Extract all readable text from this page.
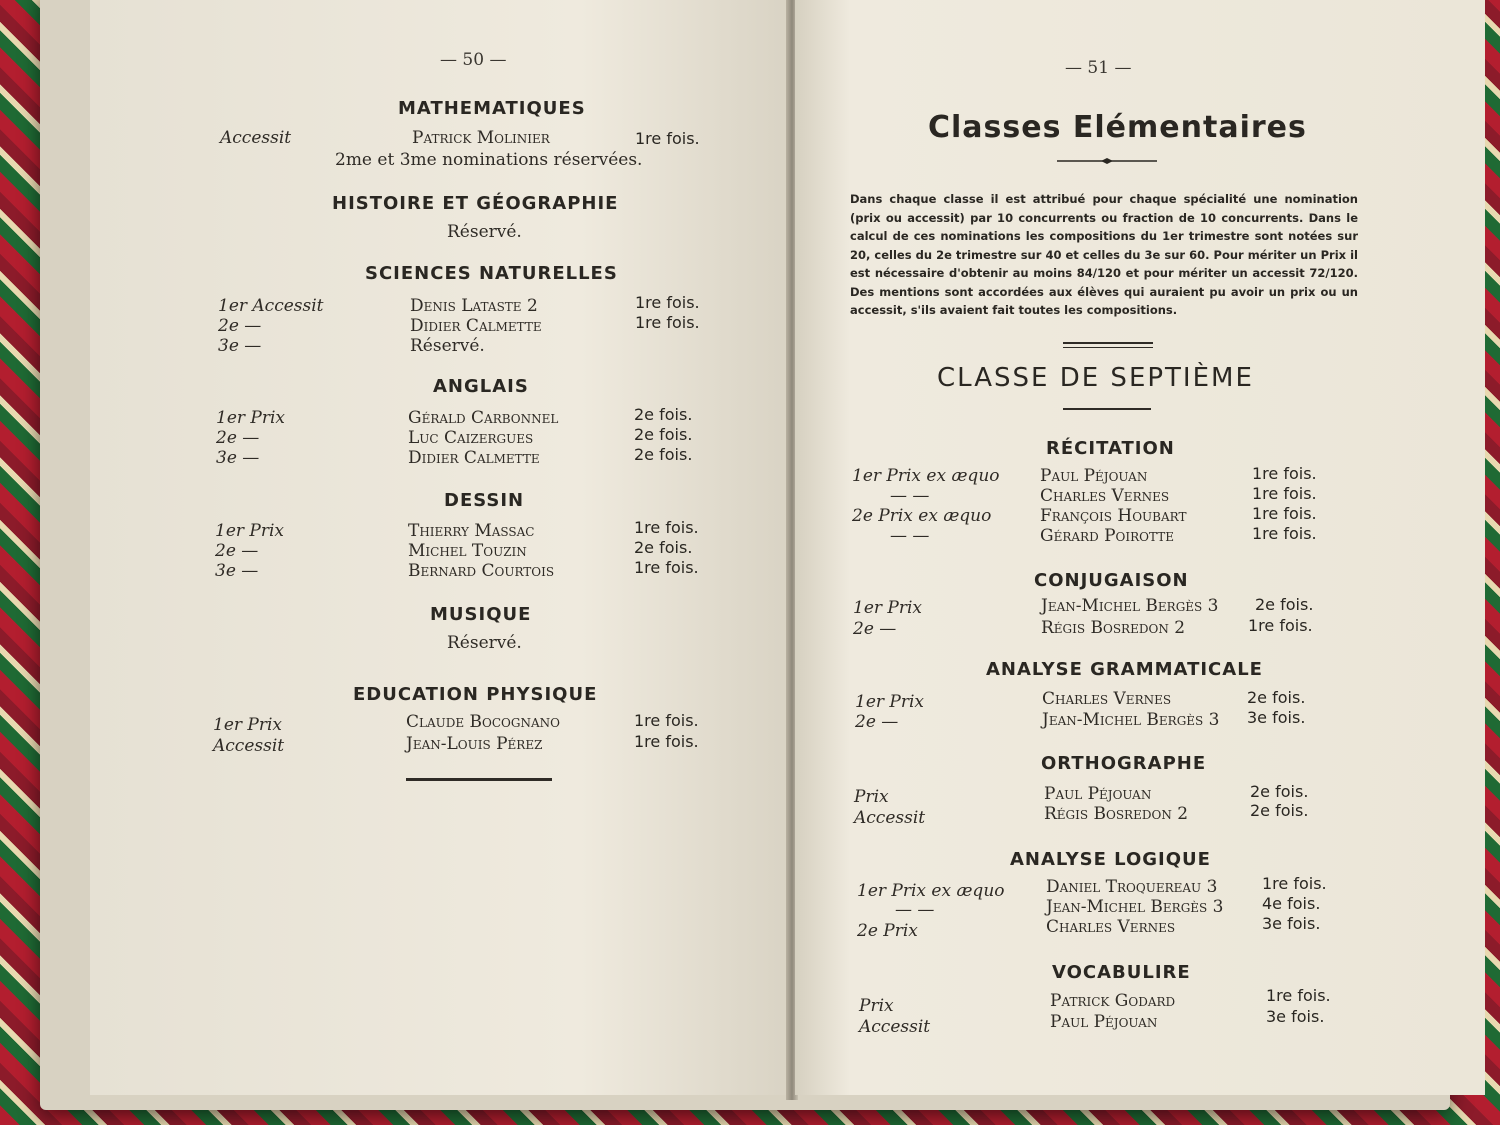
— 50 —
MATHEMATIQUES
Accessit	Patrick Molinier	1re fois.
2me et 3me nominations réservées.
HISTOIRE ET GÉOGRAPHIE
Réservé.
SCIENCES NATURELLES
1er Accessit	Denis Lataste 2	1re fois.
2e —	Didier Calmette	1re fois.
3e —	Réservé.
ANGLAIS
1er Prix	Gérald Carbonnel	2e fois.
2e —	Luc Caizergues	2e fois.
3e —	Didier Calmette	2e fois.
DESSIN
1er Prix	Thierry Massac	1re fois.
2e —	Michel Touzin	2e fois.
3e —	Bernard Courtois	1re fois.
MUSIQUE
Réservé.
EDUCATION PHYSIQUE
1er Prix	Claude Bocognano	1re fois.
Accessit	Jean-Louis Pérez	1re fois.
— 51 —
Classes Elémentaires
Dans chaque classe il est attribué pour chaque spécialité une nomination (prix ou accessit) par 10 concurrents ou fraction de 10 concurrents. Dans le calcul de ces nominations les compositions du 1er trimestre sont notées sur 20, celles du 2e trimestre sur 40 et celles du 3e sur 60. Pour mériter un Prix il est nécessaire d'obtenir au moins 84/120 et pour mériter un accessit 72/120. Des mentions sont accordées aux élèves qui auraient pu avoir un prix ou un accessit, s'ils avaient fait toutes les compositions.
CLASSE DE SEPTIÈME
RÉCITATION
1er Prix ex æquo Paul Péjouan	1re fois.
— —	Charles Vernes	1re fois.
2e Prix ex æquo	François Houbart	1re fois.
— —	Gérard Poirotte	1re fois.
CONJUGAISON
1er Prix	Jean-Michel Bergès 3 2e fois.
2e —	Régis Bosredon 2	1re fois.
ANALYSE GRAMMATICALE
1er Prix	Charles Vernes	2e fois.
2e —	Jean-Michel Bergès 3 3e fois.
ORTHOGRAPHE
Prix	Paul Péjouan	2e fois.
Accessit	Régis Bosredon 2	2e fois.
ANALYSE LOGIQUE
1er Prix ex æquo Daniel Troquereau 3	1re fois.
— —	Jean-Michel Bergès 3 4e fois.
2e Prix	Charles Vernes	3e fois.
VOCABULIRE
Prix	Patrick Godard	1re fois.
Accessit	Paul Péjouan	3e fois.
